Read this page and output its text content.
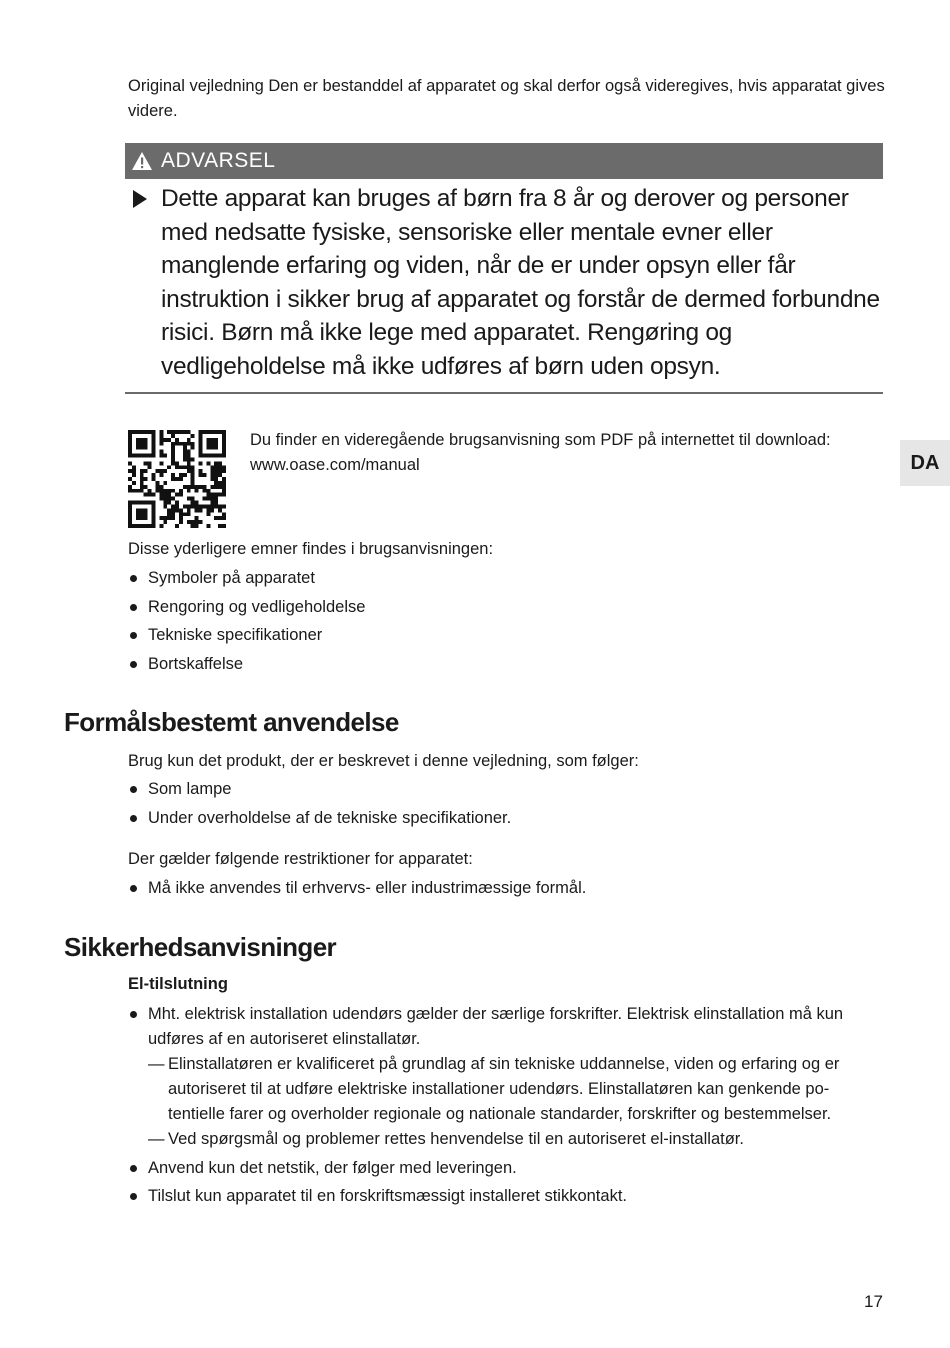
Original vejledning Den er bestanddel af apparatet og skal derfor også videregives, hvis apparatat gives videre.
ADVARSEL
Dette apparat kan bruges af børn fra 8 år og derover og personer med nedsatte fysiske, sensoriske eller mentale evner eller manglende erfaring og viden, når de er under opsyn eller får instruktion i sikker brug af apparatet og forstår de dermed forbundne risici. Børn må ikke lege med apparatet. Rengøring og vedligeholdelse må ikke udføres af børn uden opsyn.
Du finder en videregående brugsanvisning som PDF på internettet til download:
www.oase.com/manual	DA
Disse yderligere emner findes i brugsanvisningen:
Symboler på apparatet
Rengoring og vedligeholdelse
Tekniske specifikationer
Bortskaffelse
Formålsbestemt anvendelse
Brug kun det produkt, der er beskrevet i denne vejledning, som følger:
Som lampe
Under overholdelse af de tekniske specifikationer.
Der gælder følgende restriktioner for apparatet:
Må ikke anvendes til erhvervs- eller industrimæssige formål.
Sikkerhedsanvisninger
El-tilslutning
Mht. elektrisk installation udendørs gælder der særlige forskrifter. Elektrisk elinstallation må kun udføres af en autoriseret elinstallatør.
— Elinstallatøren er kvalificeret på grundlag af sin tekniske uddannelse, viden og erfaring og er autoriseret til at udføre elektriske installationer udendørs. Elinstallatøren kan genkende potentielle farer og overholder regionale og nationale standarder, forskrifter og bestemmelser.
— Ved spørgsmål og problemer rettes henvendelse til en autoriseret el-installatør.
Anvend kun det netstik, der følger med leveringen.
Tilslut kun apparatet til en forskriftsmæssigt installeret stikkontakt.
17
